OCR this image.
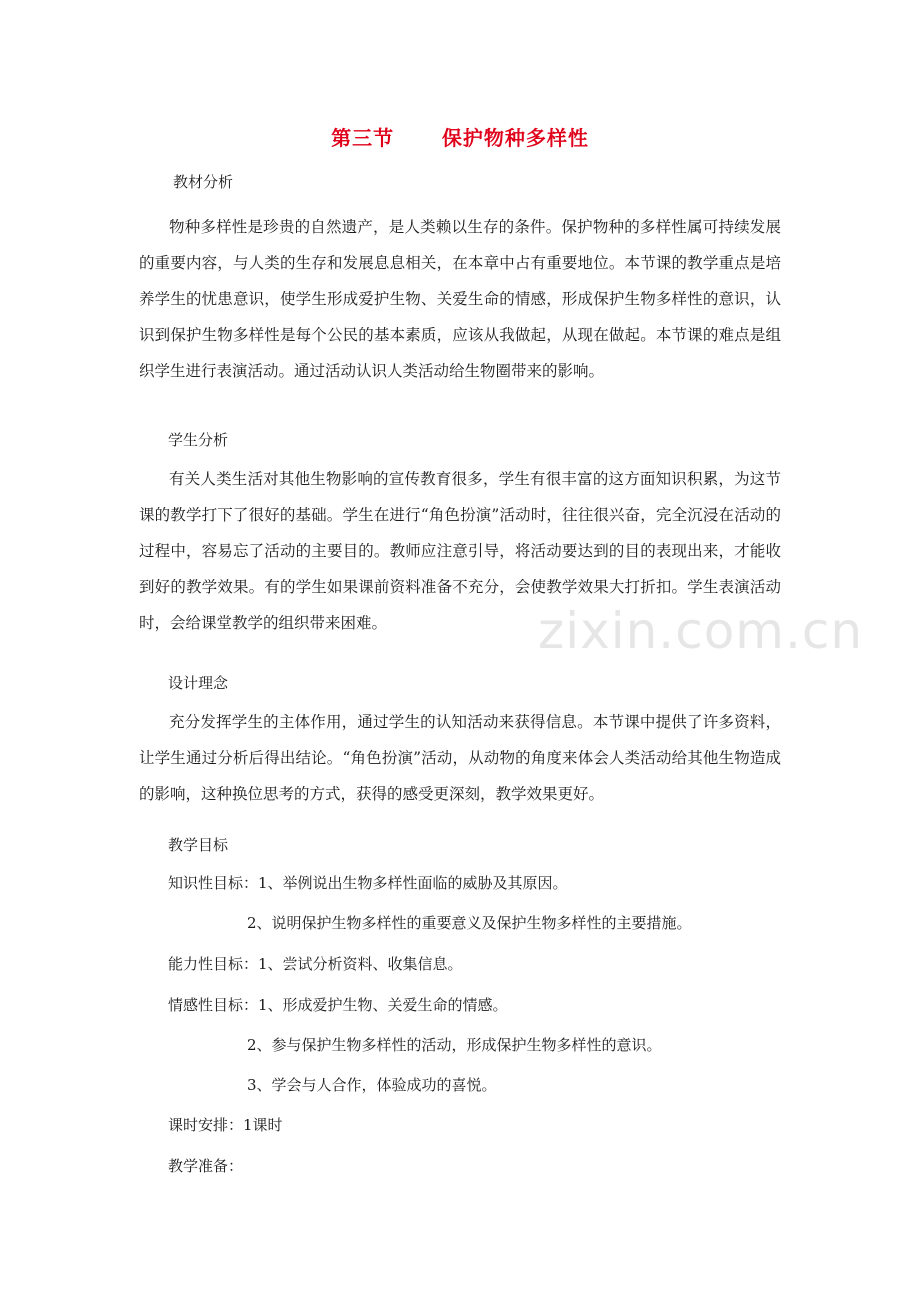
zixin.com.cn
第三节      保护物种多样性
教材分析
物种多样性是珍贵的自然遗产，是人类赖以生存的条件。保护物种的多样性属可持续发展的重要内容，与人类的生存和发展息息相关，在本章中占有重要地位。本节课的教学重点是培养学生的忧患意识，使学生形成爱护生物、关爱生命的情感，形成保护生物多样性的意识，认识到保护生物多样性是每个公民的基本素质，应该从我做起，从现在做起。本节课的难点是组织学生进行表演活动。通过活动认识人类活动给生物圈带来的影响。
学生分析
有关人类生活对其他生物影响的宣传教育很多，学生有很丰富的这方面知识积累，为这节课的教学打下了很好的基础。学生在进行“角色扮演”活动时，往往很兴奋，完全沉浸在活动的过程中，容易忘了活动的主要目的。教师应注意引导，将活动要达到的目的表现出来，才能收到好的教学效果。有的学生如果课前资料准备不充分，会使教学效果大打折扣。学生表演活动时，会给课堂教学的组织带来困难。
设计理念
充分发挥学生的主体作用，通过学生的认知活动来获得信息。本节课中提供了许多资料，让学生通过分析后得出结论。“角色扮演”活动，从动物的角度来体会人类活动给其他生物造成的影响，这种换位思考的方式，获得的感受更深刻，教学效果更好。
教学目标
知识性目标：1、举例说出生物多样性面临的威胁及其原因。
2、说明保护生物多样性的重要意义及保护生物多样性的主要措施。
能力性目标：1、尝试分析资料、收集信息。
情感性目标：1、形成爱护生物、关爱生命的情感。
2、参与保护生物多样性的活动，形成保护生物多样性的意识。
3、学会与人合作，体验成功的喜悦。
课时安排：1课时
教学准备：
